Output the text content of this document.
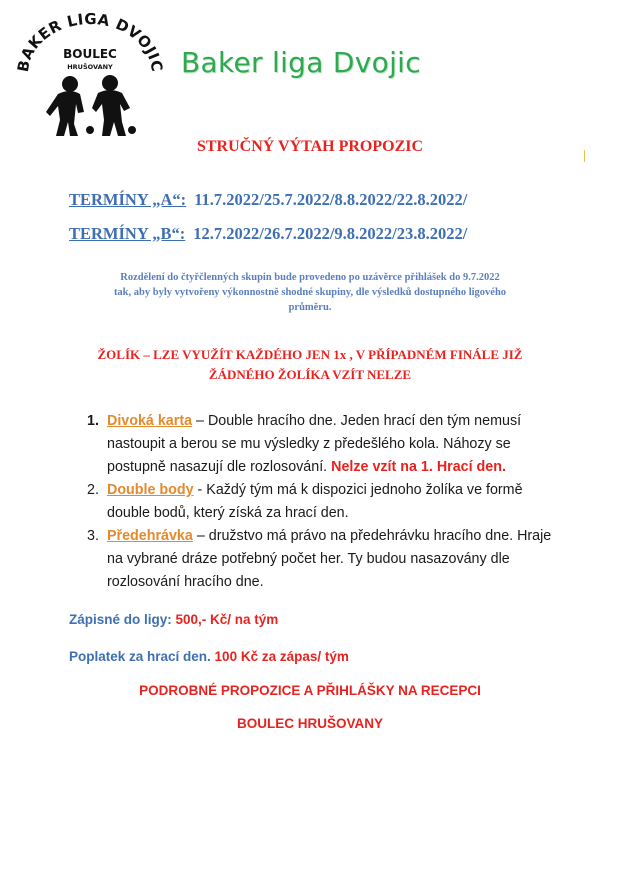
BAKER LIGA DVOJIC
BOULEC
HRUŠOVANY Baker liga Dvojic
STRUČNÝ VÝTAH PROPOZIC
TERMÍNY „A“: 11.7.2022/25.7.2022/8.8.2022/22.8.2022/
TERMÍNY „B“: 12.7.2022/26.7.2022/9.8.2022/23.8.2022/
Rozdělení do čtyřčlenných skupin bude provedeno po uzávěrce přihlášek do 9.7.2022
tak, aby byly vytvořeny výkonnostně shodné skupiny, dle výsledků dostupného ligového
průměru.
ŽOLÍK – LZE VYUŽÍT KAŽDÉHO JEN 1x , V PŘÍPADNÉM FINÁLE JIŽ
ŽÁDNÉHO ŽOLÍKA VZÍT NELZE
1. Divoká karta – Double hracího dne. Jeden hrací den tým nemusí nastoupit a berou se mu výsledky z předešlého kola. Náhozy se postupně nasazují dle rozlosování. Nelze vzít na 1. Hrací den.
2. Double body - Každý tým má k dispozici jednoho žolíka ve formě double bodů, který získá za hrací den.
3. Předehrávka – družstvo má právo na předehrávku hracího dne. Hraje na vybrané dráze potřebný počet her. Ty budou nasazovány dle rozlosování hracího dne.
Zápisné do ligy: 500,- Kč/ na tým
Poplatek za hrací den. 100 Kč za zápas/ tým
PODROBNÉ PROPOZICE A PŘIHLÁŠKY NA RECEPCI
BOULEC HRUŠOVANY
